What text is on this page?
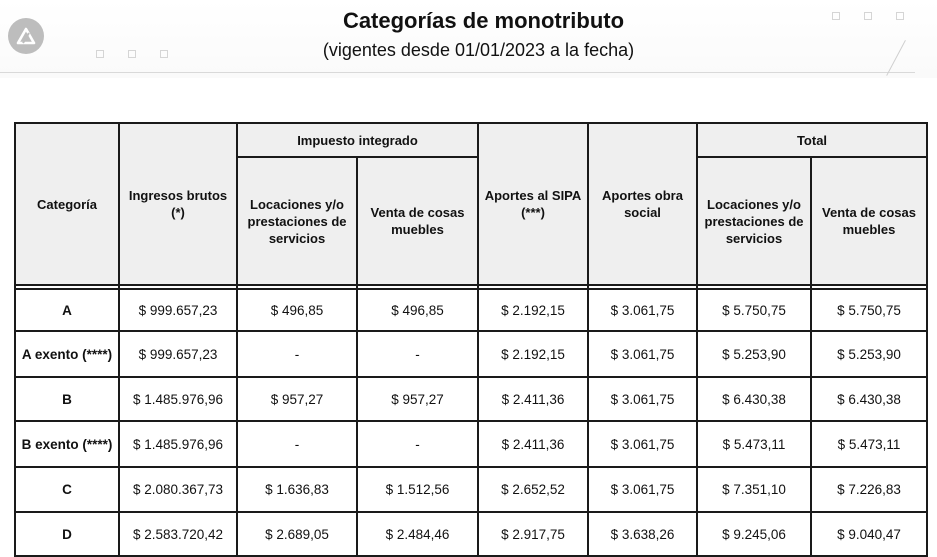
Categorías de monotributo
(vigentes desde 01/01/2023 a la fecha)
Categoría	Ingresos brutos (*)	Impuesto integrado		Aportes al SIPA (***)	Aportes obra social	Total	
		Locaciones y/o prestaciones de servicios	Venta de cosas muebles			Locaciones y/o prestaciones de servicios	Venta de cosas muebles

A	$ 999.657,23	$ 496,85	$ 496,85	$ 2.192,15	$ 3.061,75	$ 5.750,75	$ 5.750,75
A exento (****)	$ 999.657,23	-	-	$ 2.192,15	$ 3.061,75	$ 5.253,90	$ 5.253,90
B	$ 1.485.976,96	$ 957,27	$ 957,27	$ 2.411,36	$ 3.061,75	$ 6.430,38	$ 6.430,38
B exento (****)	$ 1.485.976,96	-	-	$ 2.411,36	$ 3.061,75	$ 5.473,11	$ 5.473,11
C	$ 2.080.367,73	$ 1.636,83	$ 1.512,56	$ 2.652,52	$ 3.061,75	$ 7.351,10	$ 7.226,83
D	$ 2.583.720,42	$ 2.689,05	$ 2.484,46	$ 2.917,75	$ 3.638,26	$ 9.245,06	$ 9.040,47
